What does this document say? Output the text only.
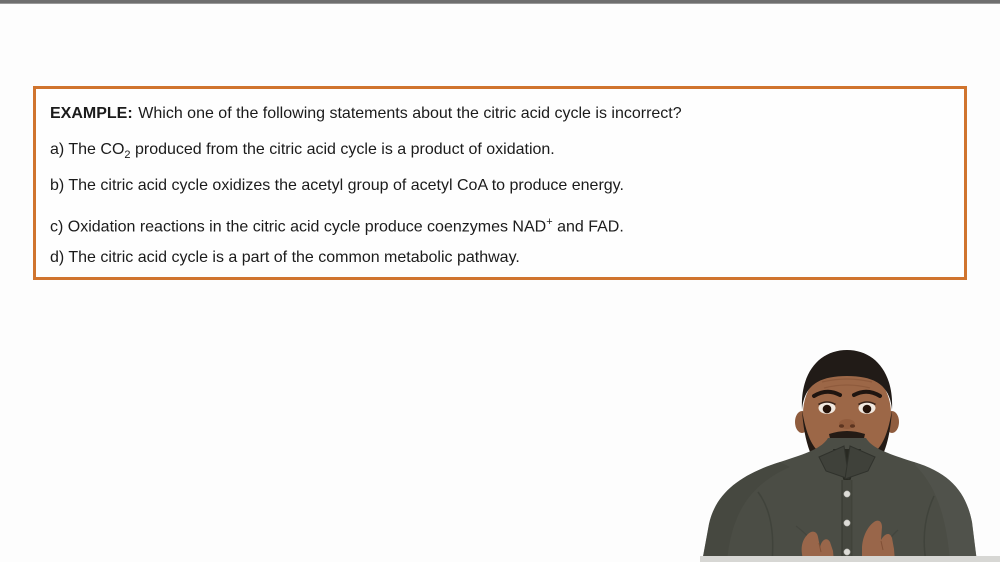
EXAMPLE: Which one of the following statements about the citric acid cycle is incorrect?
a) The $CO_2$ produced from the citric acid cycle is a product of oxidation.
b) The citric acid cycle oxidizes the acetyl group of acetyl CoA to produce energy.
c) Oxidation reactions in the citric acid cycle produce coenzymes NAD+ and FAD.
d) The citric acid cycle is a part of the common metabolic pathway.
